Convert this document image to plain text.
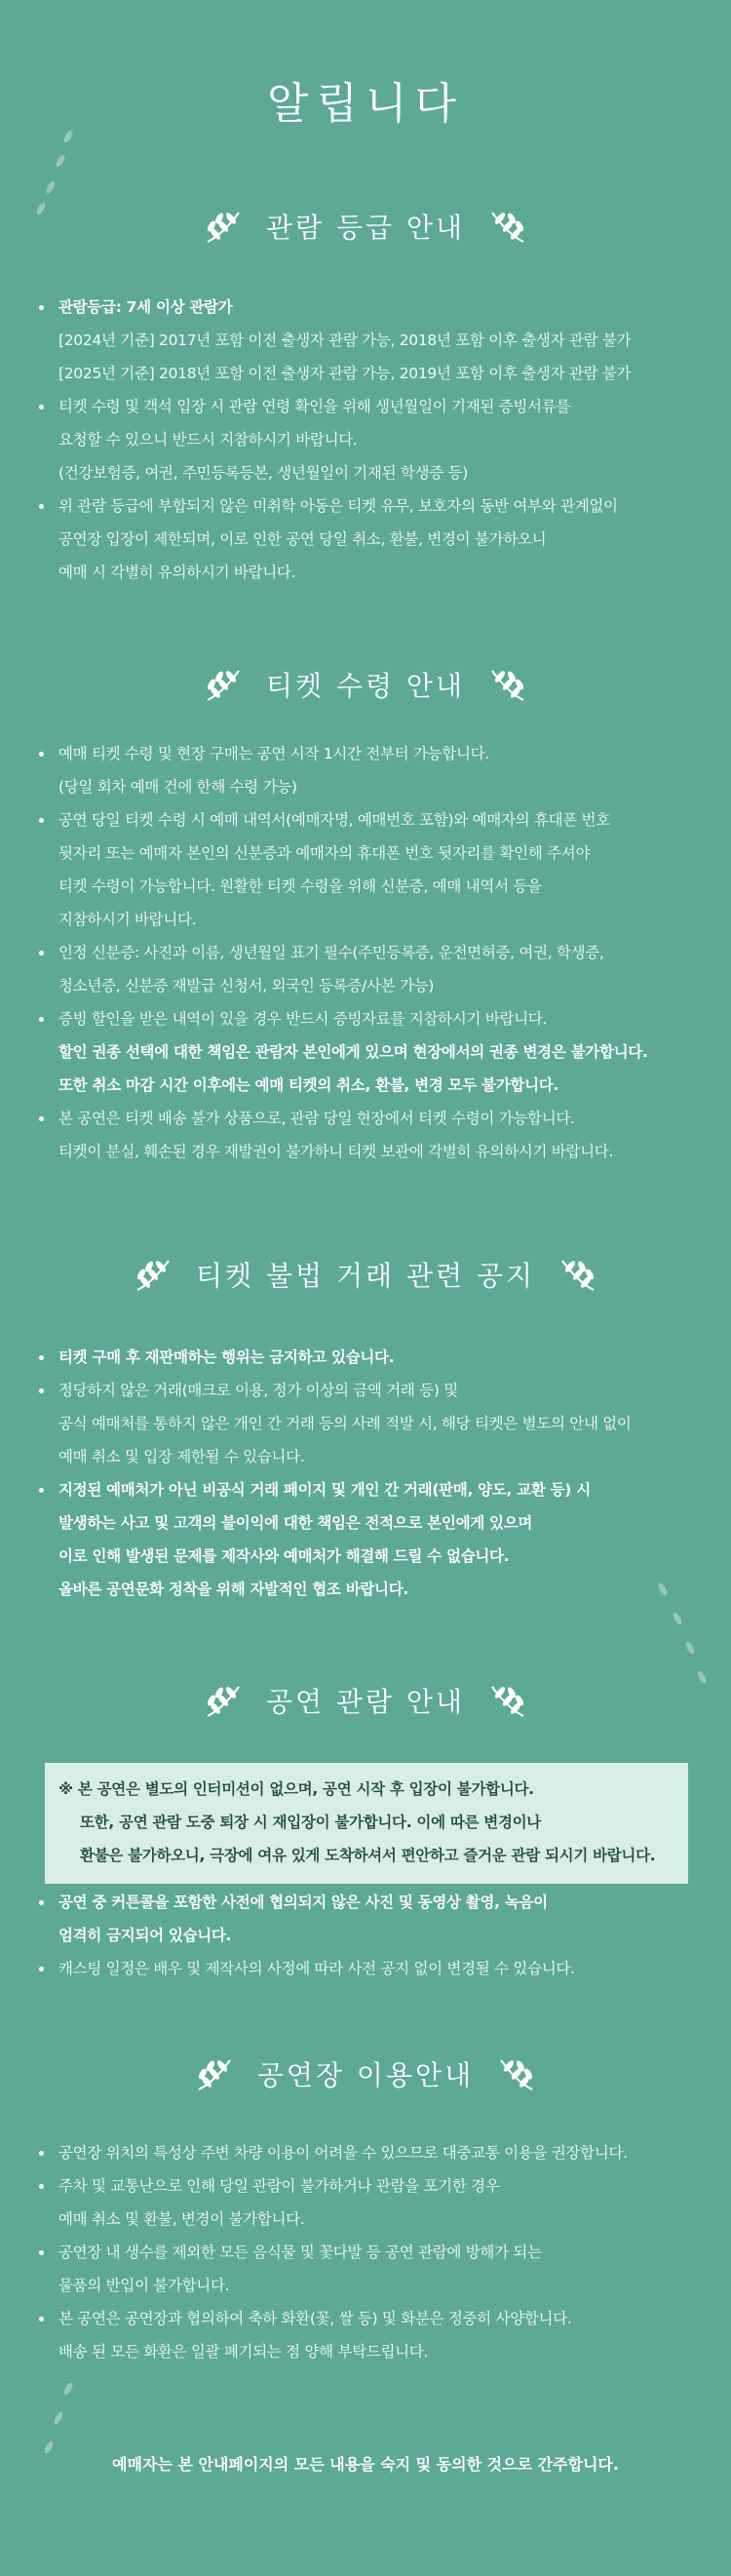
알립니다
관람 등급 안내
관람등급: 7세 이상 관람가
[2024년 기준] 2017년 포함 이전 출생자 관람 가능, 2018년 포함 이후 출생자 관람 불가
[2025년 기준] 2018년 포함 이전 출생자 관람 가능, 2019년 포함 이후 출생자 관람 불가
티켓 수령 및 객석 입장 시 관람 연령 확인을 위해 생년월일이 기재된 증빙서류를
요청할 수 있으니 반드시 지참하시기 바랍니다.
(건강보험증, 여권, 주민등록등본, 생년월일이 기재된 학생증 등)
위 관람 등급에 부합되지 않은 미취학 아동은 티켓 유무, 보호자의 동반 여부와 관계없이
공연장 입장이 제한되며, 이로 인한 공연 당일 취소, 환불, 변경이 불가하오니
예매 시 각별히 유의하시기 바랍니다.
티켓 수령 안내
예매 티켓 수령 및 현장 구매는 공연 시작 1시간 전부터 가능합니다.
(당일 회차 예매 건에 한해 수령 가능)
공연 당일 티켓 수령 시 예매 내역서(예매자명, 예매번호 포함)와 예매자의 휴대폰 번호
뒷자리 또는 예매자 본인의 신분증과 예매자의 휴대폰 번호 뒷자리를 확인해 주셔야
티켓 수령이 가능합니다. 원활한 티켓 수령을 위해 신분증, 예매 내역서 등을
지참하시기 바랍니다.
인정 신분증: 사진과 이름, 생년월일 표기 필수(주민등록증, 운전면허증, 여권, 학생증,
청소년증, 신분증 재발급 신청서, 외국인 등록증/사본 가능)
증빙 할인을 받은 내역이 있을 경우 반드시 증빙자료를 지참하시기 바랍니다.
할인 권종 선택에 대한 책임은 관람자 본인에게 있으며 현장에서의 권종 변경은 불가합니다.
또한 취소 마감 시간 이후에는 예매 티켓의 취소, 환불, 변경 모두 불가합니다.
본 공연은 티켓 배송 불가 상품으로, 관람 당일 현장에서 티켓 수령이 가능합니다.
티켓이 분실, 훼손된 경우 재발권이 불가하니 티켓 보관에 각별히 유의하시기 바랍니다.
티켓 불법 거래 관련 공지
티켓 구매 후 재판매하는 행위는 금지하고 있습니다.
정당하지 않은 거래(매크로 이용, 정가 이상의 금액 거래 등) 및
공식 예매처를 통하지 않은 개인 간 거래 등의 사례 적발 시, 해당 티켓은 별도의 안내 없이
예매 취소 및 입장 제한될 수 있습니다.
지정된 예매처가 아닌 비공식 거래 페이지 및 개인 간 거래(판매, 양도, 교환 등) 시
발생하는 사고 및 고객의 불이익에 대한 책임은 전적으로 본인에게 있으며
이로 인해 발생된 문제를 제작사와 예매처가 해결해 드릴 수 없습니다.
올바른 공연문화 정착을 위해 자발적인 협조 바랍니다.
공연 관람 안내
※ 본 공연은 별도의 인터미션이 없으며, 공연 시작 후 입장이 불가합니다.
또한, 공연 관람 도중 퇴장 시 재입장이 불가합니다. 이에 따른 변경이나
환불은 불가하오니, 극장에 여유 있게 도착하셔서 편안하고 즐거운 관람 되시기 바랍니다.
공연 중 커튼콜을 포함한 사전에 협의되지 않은 사진 및 동영상 촬영, 녹음이
엄격히 금지되어 있습니다.
캐스팅 일정은 배우 및 제작사의 사정에 따라 사전 공지 없이 변경될 수 있습니다.
공연장 이용안내
공연장 위치의 특성상 주변 차량 이용이 어려울 수 있으므로 대중교통 이용을 권장합니다.
주차 및 교통난으로 인해 당일 관람이 불가하거나 관람을 포기한 경우
예매 취소 및 환불, 변경이 불가합니다.
공연장 내 생수를 제외한 모든 음식물 및 꽃다발 등 공연 관람에 방해가 되는
물품의 반입이 불가합니다.
본 공연은 공연장과 협의하여 축하 화환(꽃, 쌀 등) 및 화분은 정중히 사양합니다.
배송 된 모든 화환은 일괄 폐기되는 점 양해 부탁드립니다.
예매자는 본 안내페이지의 모든 내용을 숙지 및 동의한 것으로 간주합니다.
